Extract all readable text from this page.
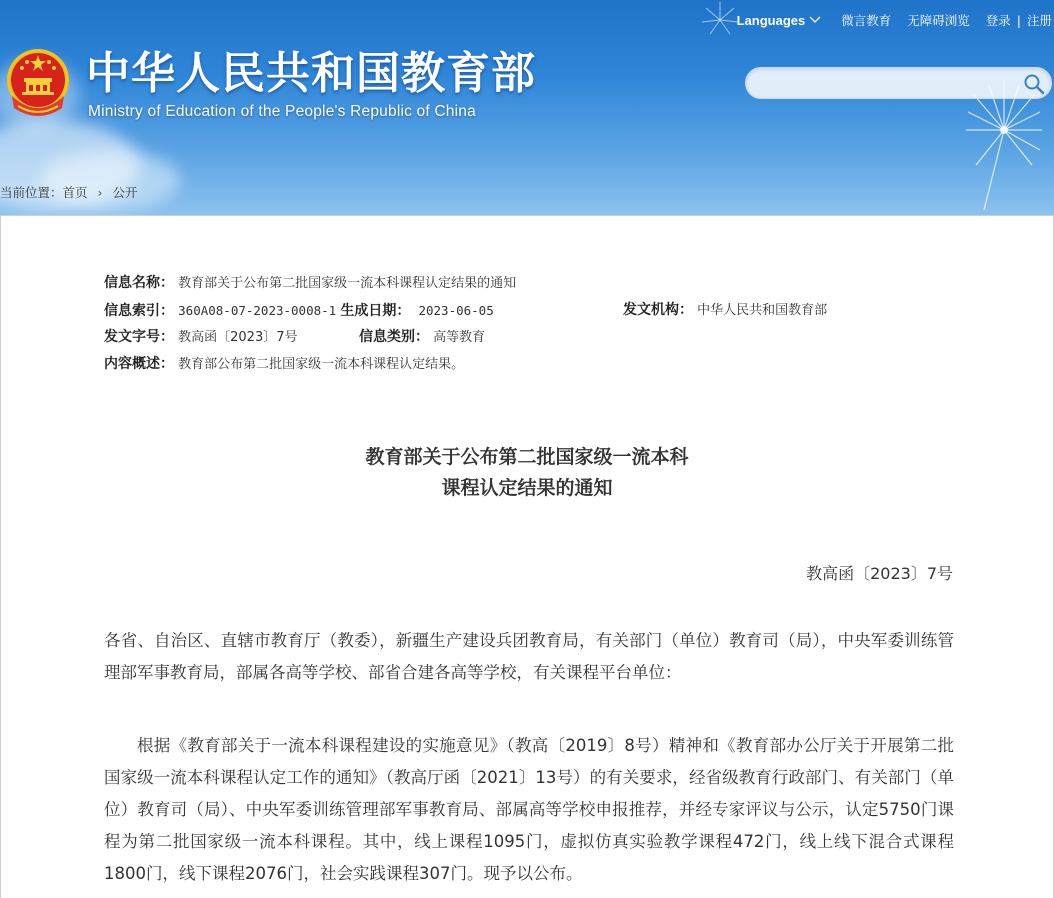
Languages	微言教育 无障碍浏览 登录 | 注册
中华人民共和国教育部
Ministry of Education of the People's Republic of China
当前位置： 首页 › 公开
信息名称： 教育部关于公布第二批国家级一流本科课程认定结果的通知
信息索引： 360A08-07-2023-0008-1 生成日期： 2023-06-05	发文机构： 中华人民共和国教育部
发文字号： 教高函〔2023〕7号	信息类别： 高等教育
内容概述： 教育部公布第二批国家级一流本科课程认定结果。
教育部关于公布第二批国家级一流本科
课程认定结果的通知
教高函〔2023〕7号
各省、自治区、直辖市教育厅（教委），新疆生产建设兵团教育局，有关部门（单位）教育司（局），中央军委训练管理部军事教育局，部属各高等学校、部省合建各高等学校，有关课程平台单位：
根据《教育部关于一流本科课程建设的实施意见》（教高〔2019〕8号）精神和《教育部办公厅关于开展第二批国家级一流本科课程认定工作的通知》（教高厅函〔2021〕13号）的有关要求，经省级教育行政部门、有关部门（单位）教育司（局）、中央军委训练管理部军事教育局、部属高等学校申报推荐，并经专家评议与公示，认定5750门课程为第二批国家级一流本科课程。其中，线上课程1095门，虚拟仿真实验教学课程472门，线上线下混合式课程1800门，线下课程2076门，社会实践课程307门。现予以公布。
